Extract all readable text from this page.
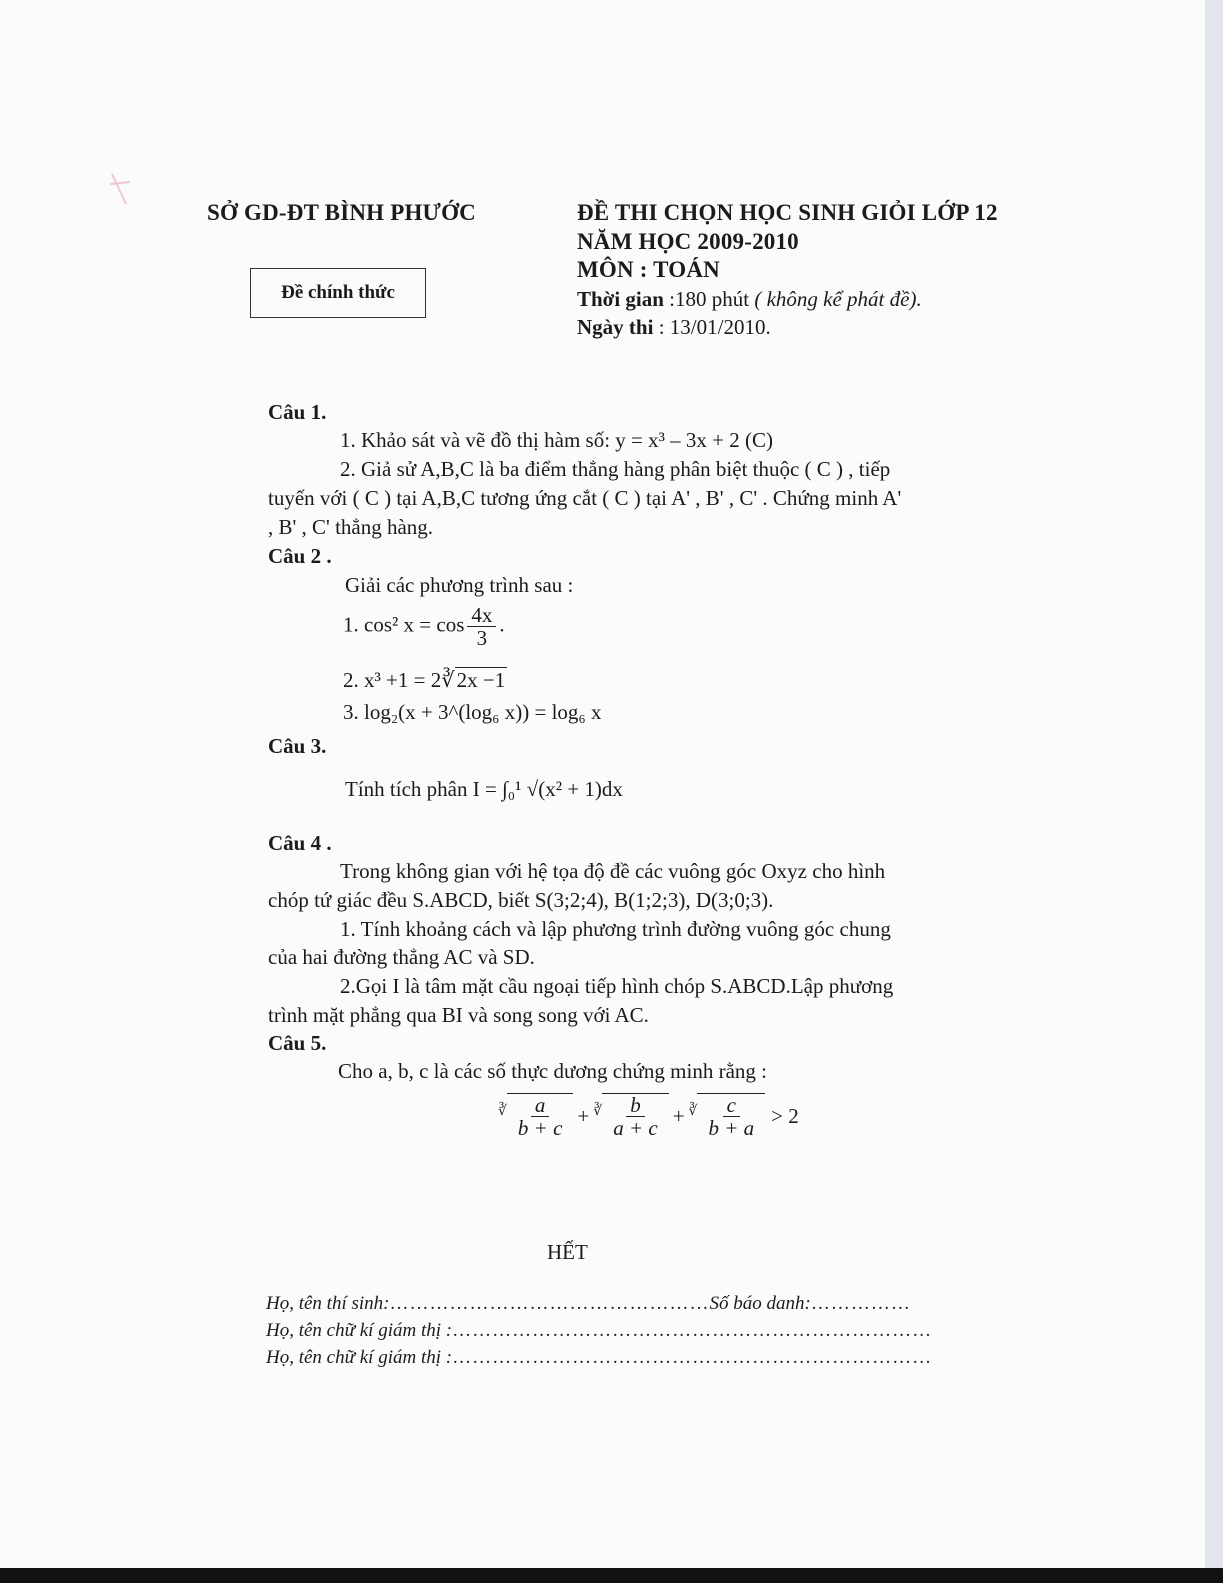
SỞ GD-ĐT BÌNH PHƯỚC
Đề chính thức
ĐỀ THI CHỌN HỌC SINH GIỎI LỚP 12
NĂM HỌC 2009-2010
MÔN : TOÁN
Thời gian :180 phút ( không kể phát đề).
Ngày thi : 13/01/2010.
Câu 1.
1. Khảo sát và vẽ đồ thị hàm số: y = x³ – 3x + 2 (C)
2. Giả sử A,B,C là ba điểm thẳng hàng phân biệt thuộc ( C ) , tiếp
tuyến với ( C ) tại A,B,C tương ứng cắt ( C ) tại A' , B' , C' . Chứng minh A'
, B' , C' thẳng hàng.
Câu 2 .
Giải các phương trình sau :
1. cos² $x = \cos \frac{4x}{3}$ .
2. x³ +1 = 2∛2x −1
3. log₂(x + 3^(log₆ x)) = log₆ x
Câu 3.
Tính tích phân I = ∫₀¹ √(x² + 1)dx
Câu 4 .
Trong không gian với hệ tọa độ đề các vuông góc Oxyz cho hình
chóp tứ giác đều S.ABCD, biết S(3;2;4), B(1;2;3), D(3;0;3).
1. Tính khoảng cách và lập phương trình đường vuông góc chung
của hai đường thẳng AC và SD.
2.Gọi I là tâm mặt cầu ngoại tiếp hình chóp S.ABCD.Lập phương
trình mặt phẳng qua BI và song song với AC.
Câu 5.
Cho a, b, c là các số thực dương chứng minh rằng :
∛ $\frac{a}{b + c}$ + ∛ $\frac{b}{a + c}$ + ∛ $\frac{c}{b + a} > 2$
HẾT
Họ, tên thí sinh:…………………………………………Số báo danh:……………
Họ, tên chữ kí giám thị :………………………………………………………………
Họ, tên chữ kí giám thị :………………………………………………………………
